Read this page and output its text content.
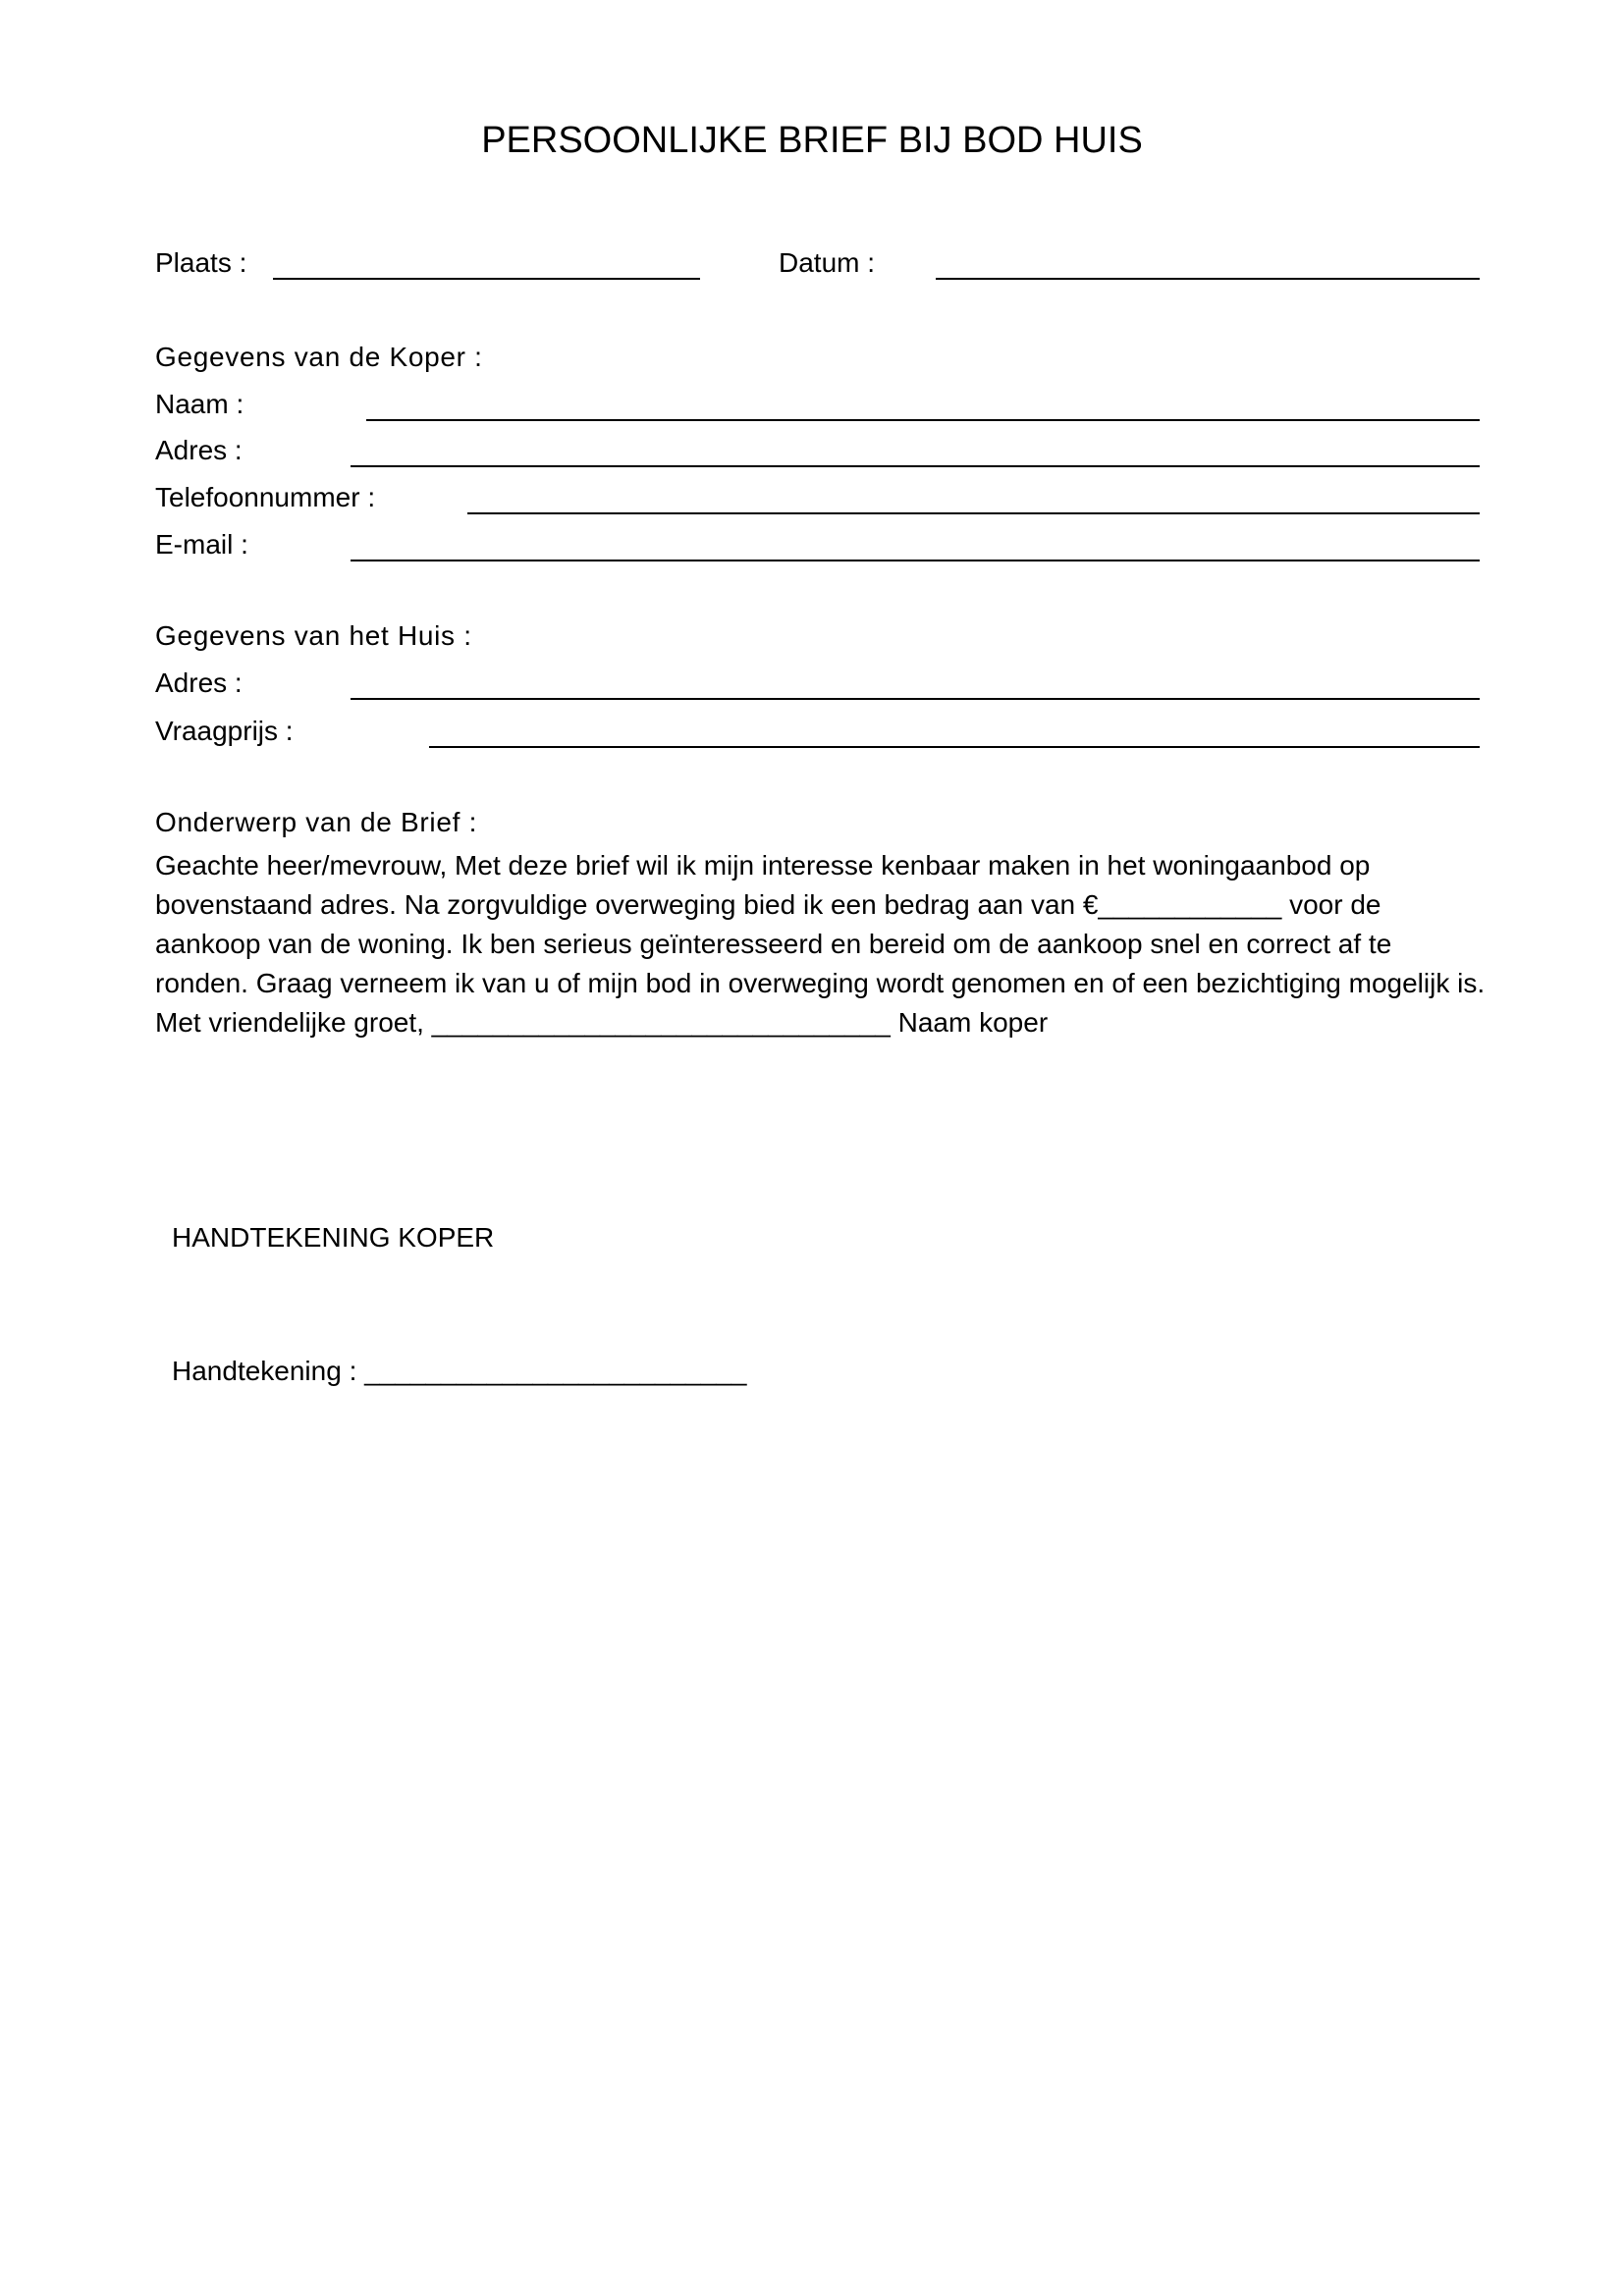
PERSOONLIJKE BRIEF BIJ BOD HUIS
Plaats :	Datum :
Gegevens van de Koper :
Naam :
Adres :
Telefoonnummer :
E-mail :
Gegevens van het Huis :
Adres :
Vraagprijs :
Onderwerp van de Brief :
Geachte heer/mevrouw, Met deze brief wil ik mijn interesse kenbaar maken in het woningaanbod op bovenstaand adres. Na zorgvuldige overweging bied ik een bedrag aan van €____________ voor de aankoop van de woning. Ik ben serieus geïnteresseerd en bereid om de aankoop snel en correct af te ronden. Graag verneem ik van u of mijn bod in overweging wordt genomen en of een bezichtiging mogelijk is. Met vriendelijke groet, ______________________________ Naam koper
HANDTEKENING KOPER
Handtekening : _________________________
